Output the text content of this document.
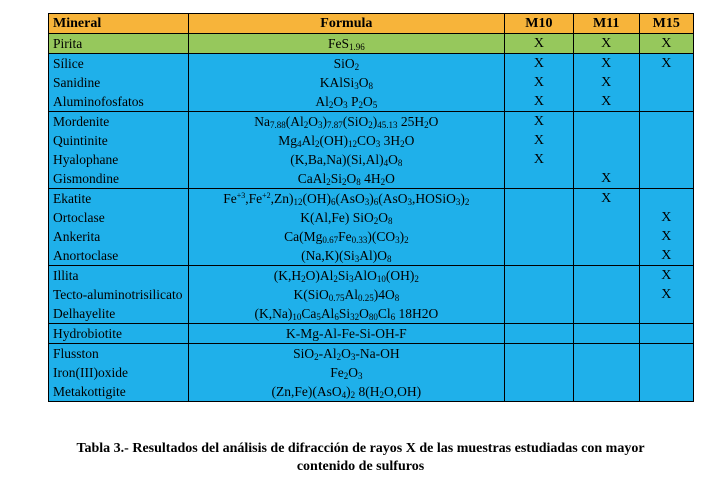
Mineral	Formula	M10	M11	M15
Pirita	FeS$_{1.96}$	X	X	X
Sílice	SiO$_2$	X	X	X
Sanidine	$KAlSi_3O_8$	X	X	
Aluminofosfatos	$Al_2O_3$ $P_2O_5$	X	X	
Mordenite	$Na_{7.88}(Al_2O_3)_{7.87}(SiO_2)_{45.13}$ $25H_2O$	X		
Quintinite	$Mg_4Al_2(OH)_{12}CO_3$ $3H_2O$	X		
Hyalophane	$(K,Ba,Na)(Si,Al)_4O_8$	X		
Gismondine	$CaAl_2Si_2O_8$ $4H_2O$		X	
Ekatite	$Fe^{+3},Fe^{+2},Zn)_{12}(OH)_6(AsO_3)_6(AsO_3,HOSiO_3)_2$		X	
Ortoclase	K(Al,Fe) $SiO_2O_8$			X
Ankerita	$Ca(Mg_{0.67}Fe_{0.33})(CO_3)_2$			X
Anortoclase	$(Na,K)(Si_3Al)O_8$			X
Illita	$(K,H_2O)Al_2Si_3AlO_{10}(OH)_2$			X
Tecto-aluminotrisilicato	$K(SiO_{0.75}Al_{0.25})4O_8$			X
Delhayelite	$(K,Na)_{10}Ca_5Al_6Si_{32}O_{80}Cl_6$ 18H2O			
Hydrobiotite	K-Mg-Al-Fe-Si-OH-F			
Flusston	$SiO_2-Al_2O_3-Na-OH$			
Iron(III)oxide	$Fe_2O_3$			
Metakottigite	$(Zn,Fe)(AsO_4)_2$ $8(H_2O,OH)$			
Tabla 3.- Resultados del análisis de difracción de rayos X de las muestras estudiadas con mayor
contenido de sulfuros
